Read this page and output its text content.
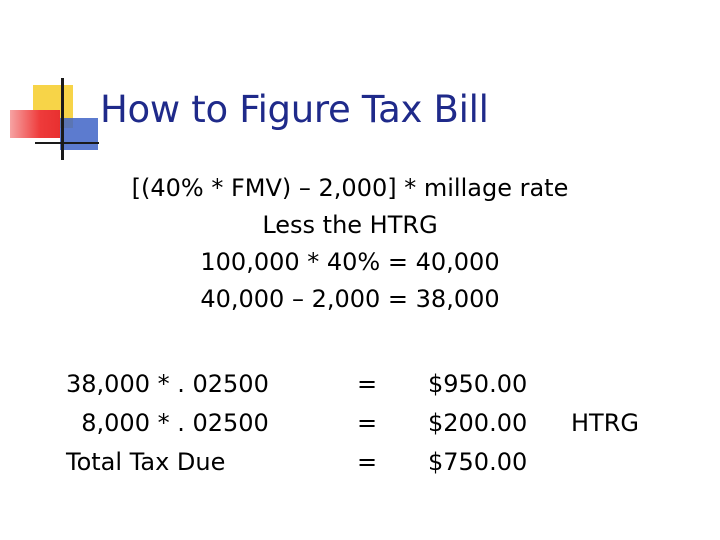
How to Figure Tax Bill
[(40% * FMV) – 2,000] * millage rate
Less the HTRG
100,000 * 40% = 40,000
40,000 – 2,000 = 38,000
38,000 * . 02500	= $950.00
8,000 * . 02500	= $200.00 HTRG
Total Tax Due	= $750.00
